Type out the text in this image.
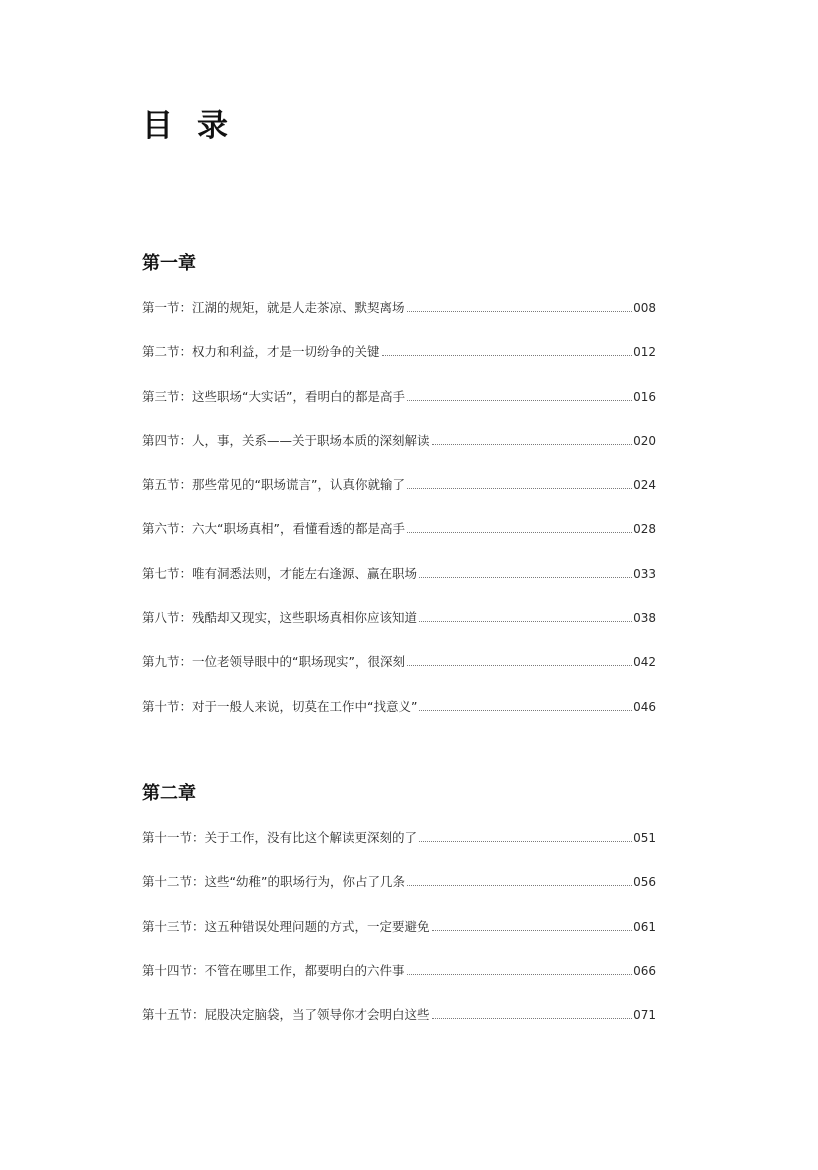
目录
第一章
第一节： 江湖的规矩，就是人走茶凉、默契离场	008
第二节： 权力和利益，才是一切纷争的关键	012
第三节： 这些职场“大实话”，看明白的都是高手	016
第四节： 人，事，关系——关于职场本质的深刻解读	020
第五节： 那些常见的“职场谎言”，认真你就输了	024
第六节： 六大“职场真相”，看懂看透的都是高手	028
第七节： 唯有洞悉法则，才能左右逢源、赢在职场	033
第八节： 残酷却又现实，这些职场真相你应该知道	038
第九节： 一位老领导眼中的“职场现实”，很深刻	042
第十节： 对于一般人来说，切莫在工作中“找意义”	046
第二章
第十一节： 关于工作，没有比这个解读更深刻的了	051
第十二节： 这些“幼稚”的职场行为，你占了几条	056
第十三节： 这五种错误处理问题的方式，一定要避免	061
第十四节： 不管在哪里工作，都要明白的六件事	066
第十五节： 屁股决定脑袋，当了领导你才会明白这些	071
